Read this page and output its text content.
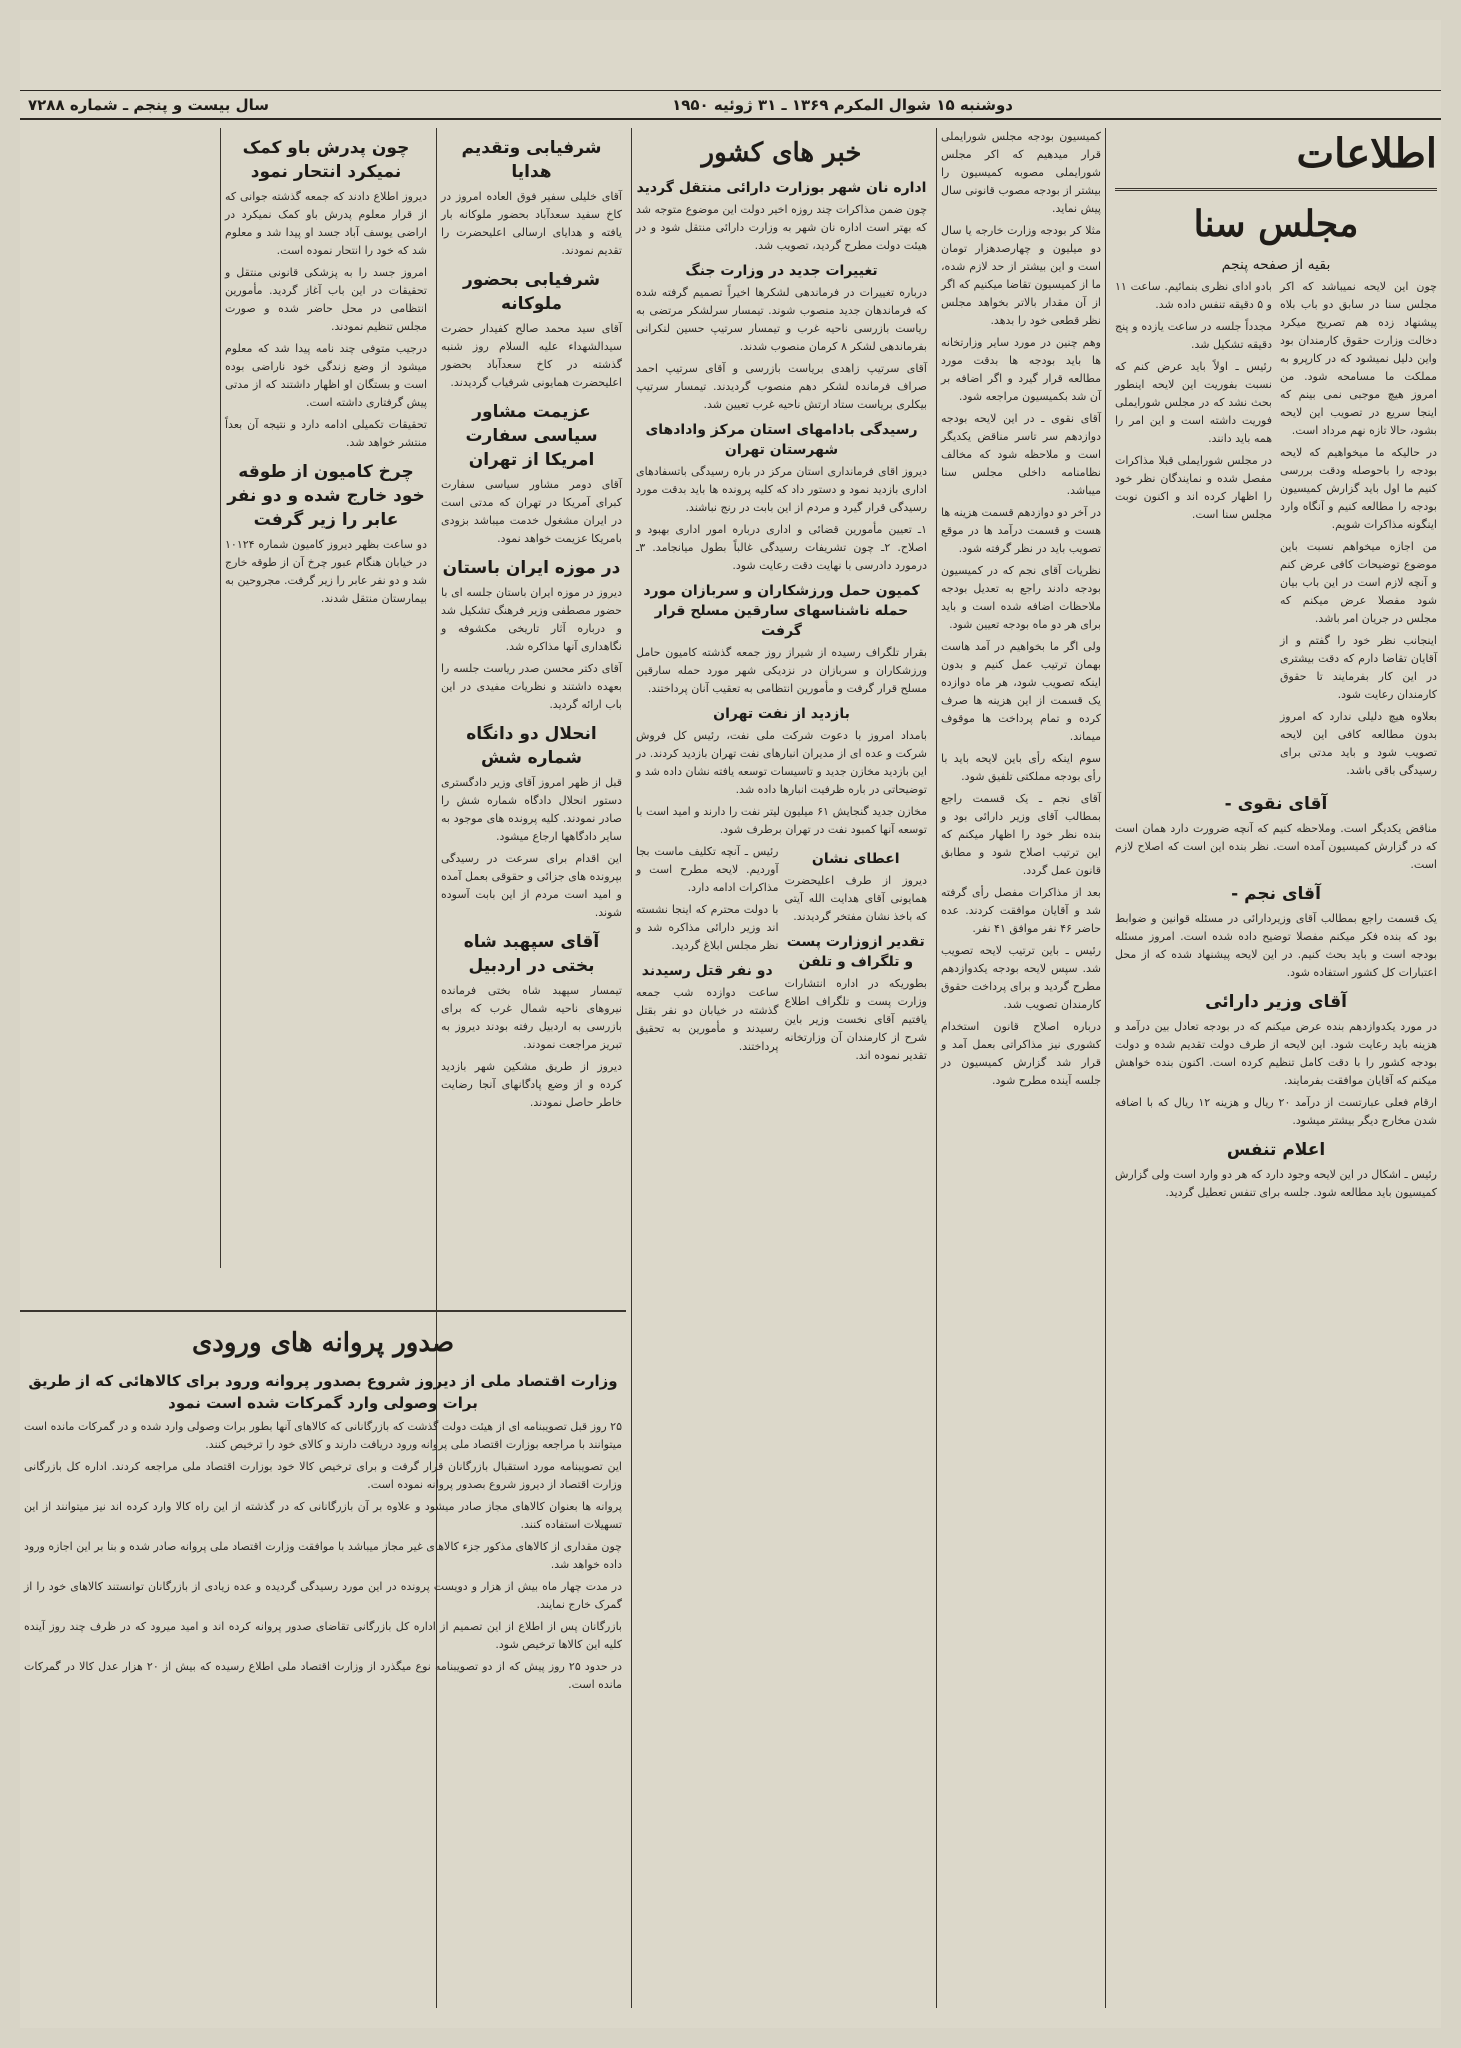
دوشنبه ۱۵ شوال المکرم ۱۳۶۹ ـ ۳۱ ژوئیه ۱۹۵۰
سال بیست و پنجم ـ شماره ۷۲۸۸
اطلاعات
مجلس سنا
بقیه از صفحه پنجم

چون این لایحه نمیباشد که اکر مجلس سنا در سابق دو باب بلاه پیشنهاد زده هم تصریح میکرد دخالت وزارت حقوق کارمندان بود واین دلیل نمیشود که در کارپرو به مملکت ما مسامحه شود. من امروز هیچ موجبی نمی بینم که اینجا سریع در تصویب این لایحه بشود، حالا تازه نهم مرداد است.

در حالیکه ما میخواهیم که لایحه بودجه را باحوصله ودقت بررسی کنیم ما اول باید گزارش کمیسیون بودجه را مطالعه کنیم و آنگاه وارد اینگونه مذاکرات شویم.

من اجازه میخواهم نسبت باین موضوع توضیحات کافی عرض کنم و آنچه لازم است در این باب بیان شود مفصلا عرض میکنم که مجلس در جریان امر باشد.

اینجانب نظر خود را گفتم و از آقایان تقاضا دارم که دقت بیشتری در این کار بفرمایند تا حقوق کارمندان رعایت شود.

بعلاوه هیچ دلیلی ندارد که امروز بدون مطالعه کافی این لایحه تصویب شود و باید مدتی برای رسیدگی باقی باشد.

بادو ادای نظری بنمائیم. ساعت ۱۱ و ۵ دقیقه تنفس داده شد.

مجدداً جلسه در ساعت یازده و پنج دقیقه تشکیل شد.

رئیس ـ اولاً باید عرض کنم که نسبت بفوریت این لایحه اینطور بحث نشد که در مجلس شورایملی فوریت داشته است و این امر را همه باید دانند.

در مجلس شورایملی قبلا مذاکرات مفصل شده و نمایندگان نظر خود را اظهار کرده اند و اکنون نوبت مجلس سنا است.

آقای نقوی -

مناقض یکدیگر است. وملاحظه کنیم که آنچه ضرورت دارد همان است که در گزارش کمیسیون آمده است. نظر بنده این است که اصلاح لازم است.

آقای نجم -

یک قسمت راجع بمطالب آقای وزیردارائی در مسئله قوانین و ضوابط بود که بنده فکر میکنم مفصلا توضیح داده شده است. امروز مسئله بودجه است و باید بحث کنیم. در این لایحه پیشنهاد شده که از محل اعتبارات کل کشور استفاده شود.

آقای وزیر دارائی

در مورد یکدوازدهم بنده عرض میکنم که در بودجه تعادل بین درآمد و هزینه باید رعایت شود. این لایحه از طرف دولت تقدیم شده و دولت بودجه کشور را با دقت کامل تنظیم کرده است. اکنون بنده خواهش میکنم که آقایان موافقت بفرمایند.

ارقام فعلی عبارتست از درآمد ۲۰ ریال و هزینه ۱۲ ریال که با اضافه شدن مخارج دیگر بیشتر میشود.

اعلام تنفس

رئیس ـ اشکال در این لایحه وجود دارد که هر دو وارد است ولی گزارش کمیسیون باید مطالعه شود. جلسه برای تنفس تعطیل گردید.

کمیسیون بودجه مجلس شورایملی قرار میدهیم که اکر مجلس شورایملی مصوبه کمیسیون را بیشتر از بودجه مصوب قانونی سال پیش نماید.

مثلا کر بودجه وزارت خارجه یا سال دو میلیون و چهارصدهزار تومان است و این بیشتر از حد لازم شده، ما از کمیسیون تقاضا میکنیم که اگر از آن مقدار بالاتر بخواهد مجلس نظر قطعی خود را بدهد.

وهم چنین در مورد سایر وزارتخانه ها باید بودجه ها بدقت مورد مطالعه قرار گیرد و اگر اضافه بر آن شد بکمیسیون مراجعه شود.

آقای نقوی ـ در این لایحه بودجه دوازدهم سر تاسر مناقض یکدیگر است و ملاحظه شود که مخالف نظامنامه داخلی مجلس سنا میباشد.

در آخر دو دوازدهم قسمت هزینه ها هست و قسمت درآمد ها در موقع تصویب باید در نظر گرفته شود.

نظریات آقای نجم که در کمیسیون بودجه دادند راجع به تعدیل بودجه ملاحظات اضافه شده است و باید برای هر دو ماه بودجه تعیین شود.

ولی اگر ما بخواهیم در آمد هاست بهمان ترتیب عمل کنیم و بدون اینکه تصویب شود، هر ماه دوازده یک قسمت از این هزینه ها صرف کرده و تمام پرداخت ها موقوف میماند.

سوم اینکه رأی باین لایحه باید با رأی بودجه مملکتی تلفیق شود.

آقای نجم ـ یک قسمت راجع بمطالب آقای وزیر دارائی بود و بنده نظر خود را اظهار میکنم که این ترتیب اصلاح شود و مطابق قانون عمل گردد.

بعد از مذاکرات مفصل رأی گرفته شد و آقایان موافقت کردند. عده حاضر ۴۶ نفر موافق ۴۱ نفر.

رئیس ـ باین ترتیب لایحه تصویب شد. سپس لایحه بودجه یکدوازدهم مطرح گردید و برای پرداخت حقوق کارمندان تصویب شد.

درباره اصلاح قانون استخدام کشوری نیز مذاکراتی بعمل آمد و قرار شد گزارش کمیسیون در جلسه آینده مطرح شود.

خبر های کشور
اداره نان شهر بوزارت دارائی منتقل گردید

چون ضمن مذاکرات چند روزه اخیر دولت این موضوع متوجه شد که بهتر است اداره نان شهر به وزارت دارائی منتقل شود و در هیئت دولت مطرح گردید، تصویب شد.

تغییرات جدید در وزارت جنگ

درباره تغییرات در فرماندهی لشکرها اخیراً تصمیم گرفته شده که فرماندهان جدید منصوب شوند. تیمسار سرلشکر مرتضی به ریاست بازرسی ناحیه غرب و تیمسار سرتیپ حسین لنکرانی بفرماندهی لشکر ۸ کرمان منصوب شدند.

آقای سرتیپ زاهدی بریاست بازرسی و آقای سرتیپ احمد صراف فرمانده لشکر دهم منصوب گردیدند. تیمسار سرتیپ بیکلری بریاست ستاد ارتش ناحیه غرب تعیین شد.

رسیدگی بادامهای استان مرکز وادادهای شهرستان تهران

دیروز اقای فرمانداری استان مرکز در باره رسیدگی باتسفادهای اداری بازدید نمود و دستور داد که کلیه پرونده ها باید بدقت مورد رسیدگی قرار گیرد و مردم از این بابت در رنج نباشند.

۱ـ تعیین مأمورین قضائی و اداری درباره امور اداری بهبود و اصلاح. ۲ـ چون تشریفات رسیدگی غالباً بطول میانجامد. ۳ـ درمورد دادرسی با نهایت دقت رعایت شود.

کمیون حمل ورزشکاران و سربازان مورد حمله ناشناسهای سارقین مسلح قرار گرفت

بقرار تلگراف رسیده از شیراز روز جمعه گذشته کامیون حامل ورزشکاران و سربازان در نزدیکی شهر مورد حمله سارقین مسلح قرار گرفت و مأمورین انتظامی به تعقیب آنان پرداختند.

بازدید از نفت تهران

بامداد امروز با دعوت شرکت ملی نفت، رئیس کل فروش شرکت و عده ای از مدیران انبارهای نفت تهران بازدید کردند. در این بازدید مخازن جدید و تاسیسات توسعه یافته نشان داده شد و توضیحاتی در باره ظرفیت انبارها داده شد.

مخازن جدید گنجایش ۶۱ میلیون لیتر نفت را دارند و امید است با توسعه آنها کمبود نفت در تهران برطرف شود.

اعطای نشان

دیروز از طرف اعلیحضرت همایونی آقای هدایت الله آیتی که باخذ نشان مفتخر گردیدند.

تقدیر ازوزارت پست و تلگراف و تلفن

بطوریکه در اداره انتشارات وزارت پست و تلگراف اطلاع یافتیم آقای نخست وزیر باین شرح از کارمندان آن وزارتخانه تقدیر نموده اند.

رئیس ـ آنچه تکلیف ماست بجا آوردیم. لایحه مطرح است و مذاکرات ادامه دارد.

با دولت محترم که اینجا نشسته اند وزیر دارائی مذاکره شد و نظر مجلس ابلاغ گردید.

دو نفر قتل رسیدند

ساعت دوازده شب جمعه گذشته در خیابان دو نفر بقتل رسیدند و مأمورین به تحقیق پرداختند.

شرفیابی وتقدیم هدایا

آقای خلیلی سفیر فوق العاده امروز در کاخ سفید سعدآباد بحضور ملوکانه بار یافته و هدایای ارسالی اعلیحضرت را تقدیم نمودند.

شرفیابی بحضور ملوکانه

آقای سید محمد صالح کفیدار حضرت سیدالشهداء علیه السلام روز شنبه گذشته در کاخ سعدآباد بحضور اعلیحضرت همایونی شرفیاب گردیدند.

عزیمت مشاور سیاسی سفارت امریکا از تهران

آقای دومر مشاور سیاسی سفارت کبرای آمریکا در تهران که مدتی است در ایران مشغول خدمت میباشد بزودی بامریکا عزیمت خواهد نمود.

در موزه ایران باستان

دیروز در موزه ایران باستان جلسه ای با حضور مصطفی وزیر فرهنگ تشکیل شد و درباره آثار تاریخی مکشوفه و نگاهداری آنها مذاکره شد.

آقای دکتر محسن صدر ریاست جلسه را بعهده داشتند و نظریات مفیدی در این باب ارائه گردید.

انحلال دو دانگاه شماره شش

قبل از ظهر امروز آقای وزیر دادگستری دستور انحلال دادگاه شماره شش را صادر نمودند. کلیه پرونده های موجود به سایر دادگاهها ارجاع میشود.

این اقدام برای سرعت در رسیدگی بپرونده های جزائی و حقوقی بعمل آمده و امید است مردم از این بابت آسوده شوند.

آقای سپهبد شاه بختی در اردبیل

تیمسار سپهبد شاه بختی فرمانده نیروهای ناحیه شمال غرب که برای بازرسی به اردبیل رفته بودند دیروز به تبریز مراجعت نمودند.

دیروز از طریق مشکین شهر بازدید کرده و از وضع پادگانهای آنجا رضایت خاطر حاصل نمودند.

چون پدرش باو کمک نمیکرد انتحار نمود

دیروز اطلاع دادند که جمعه گذشته جوانی که از قرار معلوم پدرش باو کمک نمیکرد در اراضی یوسف آباد جسد او پیدا شد و معلوم شد که خود را انتحار نموده است.

امروز جسد را به پزشکی قانونی منتقل و تحقیقات در این باب آغاز گردید. مأمورین انتظامی در محل حاضر شده و صورت مجلس تنظیم نمودند.

درجیب متوفی چند نامه پیدا شد که معلوم میشود از وضع زندگی خود ناراضی بوده است و بستگان او اظهار داشتند که از مدتی پیش گرفتاری داشته است.

تحقیقات تکمیلی ادامه دارد و نتیجه آن بعداً منتشر خواهد شد.

چرخ کامیون از طوقه خود خارج شده و دو نفر عابر را زیر گرفت

دو ساعت بظهر دیروز کامیون شماره ۱۰۱۲۴ در خیابان هنگام عبور چرخ آن از طوقه خارج شد و دو نفر عابر را زیر گرفت. مجروحین به بیمارستان منتقل شدند.

صدور پروانه های ورودی
وزارت اقتصاد ملی از دیروز شروع بصدور پروانه ورود برای کالاهائی که از طریق برات وصولی وارد گمرکات شده است نمود

۲۵ روز قبل تصویبنامه ای از هیئت دولت گذشت که بازرگانانی که کالاهای آنها بطور برات وصولی وارد شده و در گمرکات مانده است میتوانند با مراجعه بوزارت اقتصاد ملی پروانه ورود دریافت دارند و کالای خود را ترخیص کنند.

این تصویبنامه مورد استقبال بازرگانان قرار گرفت و برای ترخیص کالا خود بوزارت اقتصاد ملی مراجعه کردند. اداره کل بازرگانی وزارت اقتصاد از دیروز شروع بصدور پروانه نموده است.

پروانه ها بعنوان کالاهای مجاز صادر میشود و علاوه بر آن بازرگانانی که در گذشته از این راه کالا وارد کرده اند نیز میتوانند از این تسهیلات استفاده کنند.

چون مقداری از کالاهای مذکور جزء کالاهای غیر مجاز میباشد با موافقت وزارت اقتصاد ملی پروانه صادر شده و بنا بر این اجازه ورود داده خواهد شد.

در مدت چهار ماه بیش از هزار و دویست پرونده در این مورد رسیدگی گردیده و عده زیادی از بازرگانان توانستند کالاهای خود را از گمرک خارج نمایند.

بازرگانان پس از اطلاع از این تصمیم از اداره کل بازرگانی تقاضای صدور پروانه کرده اند و امید میرود که در ظرف چند روز آینده کلیه این کالاها ترخیص شود.

در حدود ۲۵ روز پیش که از دو تصویبنامه نوع میگذرد از وزارت اقتصاد ملی اطلاع رسیده که بیش از ۲۰ هزار عدل کالا در گمرکات مانده است.
